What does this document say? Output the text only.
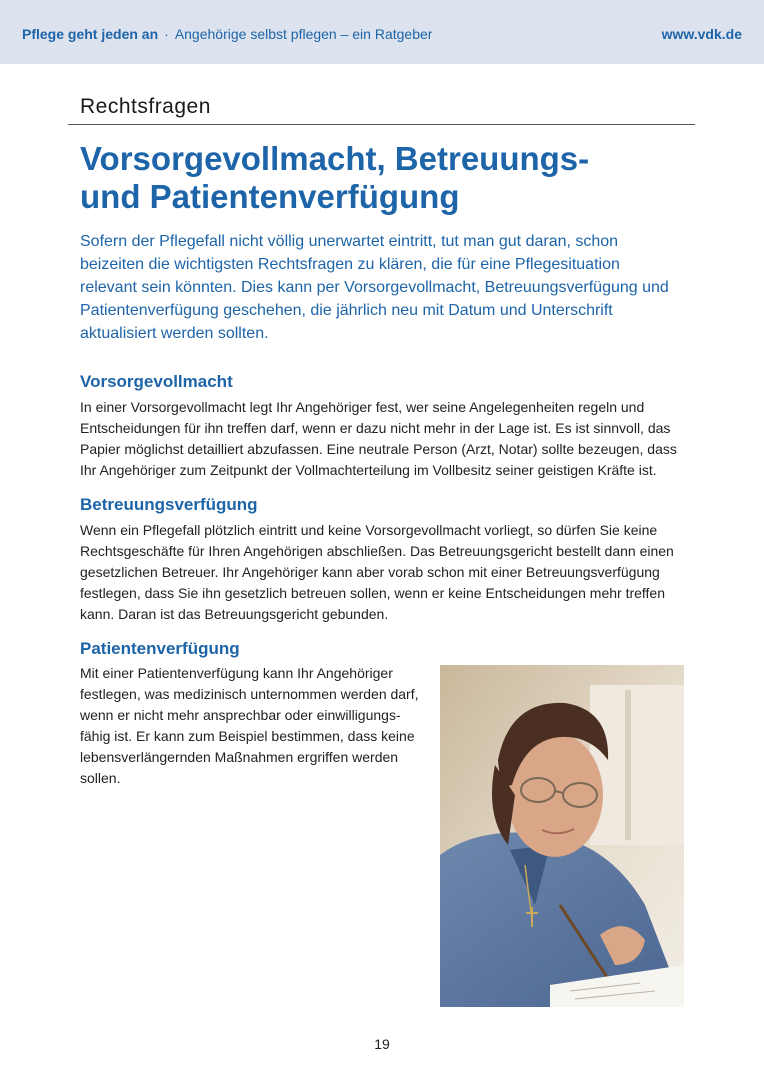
Pflege geht jeden an · Angehörige selbst pflegen – ein Ratgeber	www.vdk.de
Rechtsfragen
Vorsorgevollmacht, Betreuungs-
und Patientenverfügung

Sofern der Pflegefall nicht völlig unerwartet eintritt, tut man gut daran, schon beizeiten die wichtigsten Rechtsfragen zu klären, die für eine Pflegesituation relevant sein könnten. Dies kann per Vorsorgevollmacht, Betreuungsverfügung und Patientenverfügung geschehen, die jährlich neu mit Datum und Unterschrift aktualisiert werden sollten.

Vorsorgevollmacht

In einer Vorsorgevollmacht legt Ihr Angehöriger fest, wer seine Angelegenheiten regeln und Entscheidungen für ihn treffen darf, wenn er dazu nicht mehr in der Lage ist. Es ist sinnvoll, das Papier möglichst detailliert abzufassen. Eine neutrale Person (Arzt, Notar) sollte bezeugen, dass Ihr Angehöriger zum Zeitpunkt der Vollmachterteilung im Vollbesitz seiner geistigen Kräfte ist.

Betreuungsverfügung

Wenn ein Pflegefall plötzlich eintritt und keine Vorsorgevollmacht vorliegt, so dürfen Sie keine Rechtsgeschäfte für Ihren Angehörigen abschließen. Das Betreuungsgericht bestellt dann einen gesetzlichen Betreuer. Ihr Angehöriger kann aber vorab schon mit einer Betreuungsverfügung festlegen, dass Sie ihn gesetzlich betreuen sollen, wenn er keine Entscheidungen mehr treffen kann. Daran ist das Betreuungsgericht gebunden.

Patientenverfügung

Mit einer Patientenverfügung kann Ihr Angehöriger festlegen, was medizinisch unternommen werden darf, wenn er nicht mehr ansprechbar oder einwilligungs-fähig ist. Er kann zum Beispiel bestimmen, dass keine lebensverlängernden Maßnahmen ergriffen werden sollen.

19
